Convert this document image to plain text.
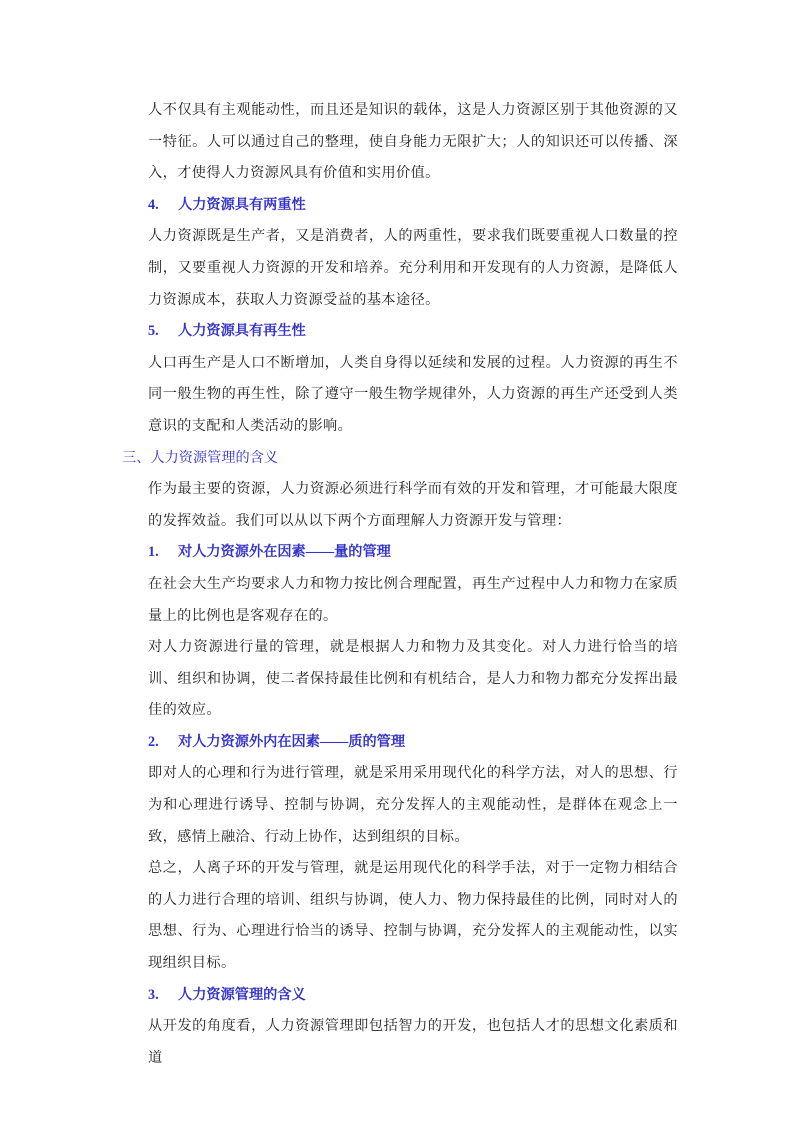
人不仅具有主观能动性，而且还是知识的载体，这是人力资源区别于其他资源的又一特征。人可以通过自己的整理，使自身能力无限扩大；人的知识还可以传播、深入，才使得人力资源风具有价值和实用价值。

4. 人力资源具有两重性

人力资源既是生产者，又是消费者，人的两重性，要求我们既要重视人口数量的控制，又要重视人力资源的开发和培养。充分利用和开发现有的人力资源，是降低人力资源成本，获取人力资源受益的基本途径。

5. 人力资源具有再生性

人口再生产是人口不断增加，人类自身得以延续和发展的过程。人力资源的再生不同一般生物的再生性，除了遵守一般生物学规律外，人力资源的再生产还受到人类意识的支配和人类活动的影响。

三、人力资源管理的含义

作为最主要的资源，人力资源必须进行科学而有效的开发和管理，才可能最大限度的发挥效益。我们可以从以下两个方面理解人力资源开发与管理：

1. 对人力资源外在因素——量的管理

在社会大生产均要求人力和物力按比例合理配置，再生产过程中人力和物力在家质量上的比例也是客观存在的。

对人力资源进行量的管理，就是根据人力和物力及其变化。对人力进行恰当的培训、组织和协调，使二者保持最佳比例和有机结合，是人力和物力都充分发挥出最佳的效应。

2. 对人力资源外内在因素——质的管理

即对人的心理和行为进行管理，就是采用采用现代化的科学方法，对人的思想、行为和心理进行诱导、控制与协调，充分发挥人的主观能动性，是群体在观念上一致，感情上融洽、行动上协作，达到组织的目标。

总之，人离子环的开发与管理，就是运用现代化的科学手法，对于一定物力相结合的人力进行合理的培训、组织与协调，使人力、物力保持最佳的比例，同时对人的思想、行为、心理进行恰当的诱导、控制与协调，充分发挥人的主观能动性，以实现组织目标。

3. 人力资源管理的含义

从开发的角度看，人力资源管理即包括智力的开发，也包括人才的思想文化素质和道
